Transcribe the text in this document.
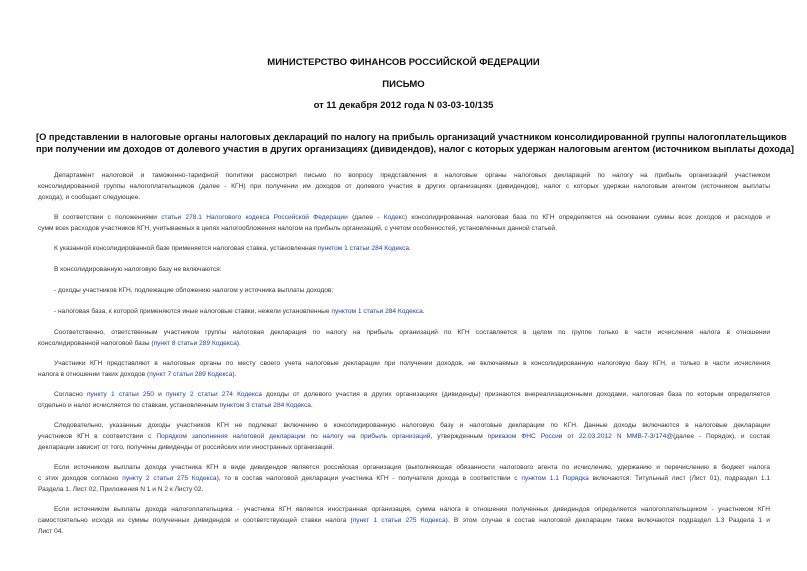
МИНИСТЕРСТВО ФИНАНСОВ РОССИЙСКОЙ ФЕДЕРАЦИИ
ПИСЬМО
от 11 декабря 2012 года N 03-03-10/135
[О представлении в налоговые органы налоговых деклараций по налогу на прибыль организаций участником консолидированной группы налогоплательщиков
при получении им доходов от долевого участия в других организациях (дивидендов), налог с которых удержан налоговым агентом (источником выплаты дохода]
Департамент налоговой и таможенно-тарифной политики рассмотрел письмо по вопросу представления в налоговые органы налоговых деклараций по налогу на прибыль организаций участником
консолидированной группы налогоплательщиков (далее - КГН) при получении им доходов от долевого участия в других организациях (дивидендов), налог с которых удержан налоговым агентом (источником выплаты
дохода), и сообщает следующее.
В соответствии с положениями статьи 278.1 Налогового кодекса Российской Федерации (далее - Кодекс) консолидированная налоговая база по КГН определяется на основании суммы всех доходов и расходов и
сумм всех расходов участников КГН, учитываемых в целях налогообложения налогом на прибыль организаций, с учетом особенностей, установленных данной статьей.
К указанной консолидированной базе применяется налоговая ставка, установленная пунктом 1 статьи 284 Кодекса.
В консолидированную налоговую базу не включаются:
- доходы участников КГН, подлежащие обложению налогом у источника выплаты доходов;
- налоговая база, к которой применяются иные налоговые ставки, нежели установленные пунктом 1 статьи 284 Кодекса.
Соответственно, ответственным участником группы налоговая декларация по налогу на прибыль организаций по КГН составляется в целом по группе только в части исчисления налога в отношении
консолидированной налоговой базы (пункт 8 статьи 289 Кодекса).
Участники КГН представляют в налоговые органы по месту своего учета налоговые декларации при получении доходов, не включаемых в консолидированную налоговую базу КГН, и только в части исчисления
налога в отношении таких доходов (пункт 7 статьи 289 Кодекса).
Согласно пункту 1 статьи 250 и пункту 2 статьи 274 Кодекса доходы от долевого участия в других организациях (дивиденды) признаются внереализационными доходами, налоговая база по которым определяется
отдельно и налог исчисляется по ставкам, установленным пунктом 3 статьи 284 Кодекса.
Следовательно, указанные доходы участников КГН не подлежат включению в консолидированную налоговую базу и налоговые декларации по КГН. Данные доходы включаются в налоговые декларации
участников КГН в соответствии с Порядком заполнения налоговой декларации по налогу на прибыль организаций, утвержденным приказом ФНС России от 22.03.2012 N ММВ-7-3/174@(далее - Порядок), и состав
декларации зависит от того, получены дивиденды от российских или иностранных организаций.
Если источником выплаты дохода участника КГН в виде дивидендов является российская организация (выполняющая обязанности налогового агента по исчислению, удержанию и перечислению в бюджет налога
с этих доходов согласно пункту 2 статьи 275 Кодекса), то в состав налоговой декларации участника КГН - получателя дохода в соответствии с пунктом 1.1 Порядка включаются: Титульный лист (Лист 01), подраздел 1.1
Раздела 1, Лист 02, Приложения N 1 и N 2 к Листу 02.
Если источником выплаты дохода налогоплательщика - участника КГН является иностранная организация, сумма налога в отношении полученных дивидендов определяется налогоплательщиком - участником КГН
самостоятельно исходя из суммы полученных дивидендов и соответствующей ставки налога (пункт 1 статьи 275 Кодекса). В этом случае в состав налоговой декларации также включаются подраздел 1.3 Раздела 1 и
Лист 04.
